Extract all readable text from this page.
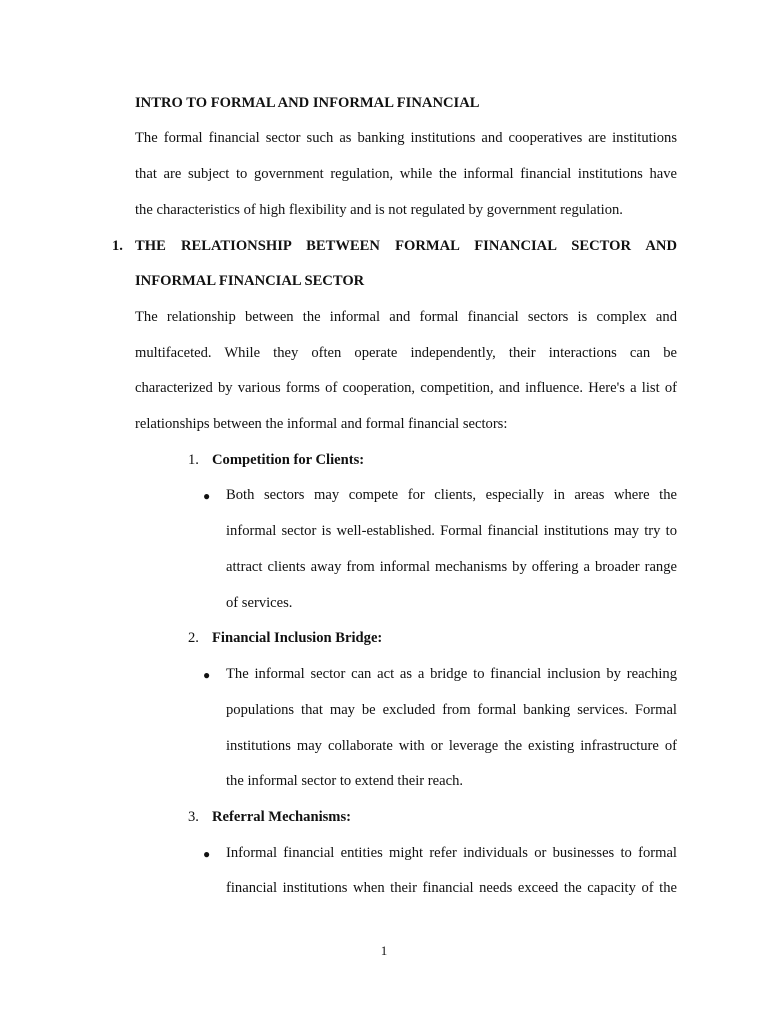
INTRO TO FORMAL AND INFORMAL FINANCIAL
The formal financial sector such as banking institutions and cooperatives are institutions
that are subject to government regulation, while the informal financial institutions have
the characteristics of high flexibility and is not regulated by government regulation.
1. THE RELATIONSHIP BETWEEN FORMAL FINANCIAL SECTOR AND
INFORMAL FINANCIAL SECTOR
The relationship between the informal and formal financial sectors is complex and
multifaceted. While they often operate independently, their interactions can be
characterized by various forms of cooperation, competition, and influence. Here's a list of
relationships between the informal and formal financial sectors:
1. Competition for Clients:
● Both sectors may compete for clients, especially in areas where the
informal sector is well-established. Formal financial institutions may try to
attract clients away from informal mechanisms by offering a broader range
of services.
2. Financial Inclusion Bridge:
● The informal sector can act as a bridge to financial inclusion by reaching
populations that may be excluded from formal banking services. Formal
institutions may collaborate with or leverage the existing infrastructure of
the informal sector to extend their reach.
3. Referral Mechanisms:
● Informal financial entities might refer individuals or businesses to formal
financial institutions when their financial needs exceed the capacity of the
1
